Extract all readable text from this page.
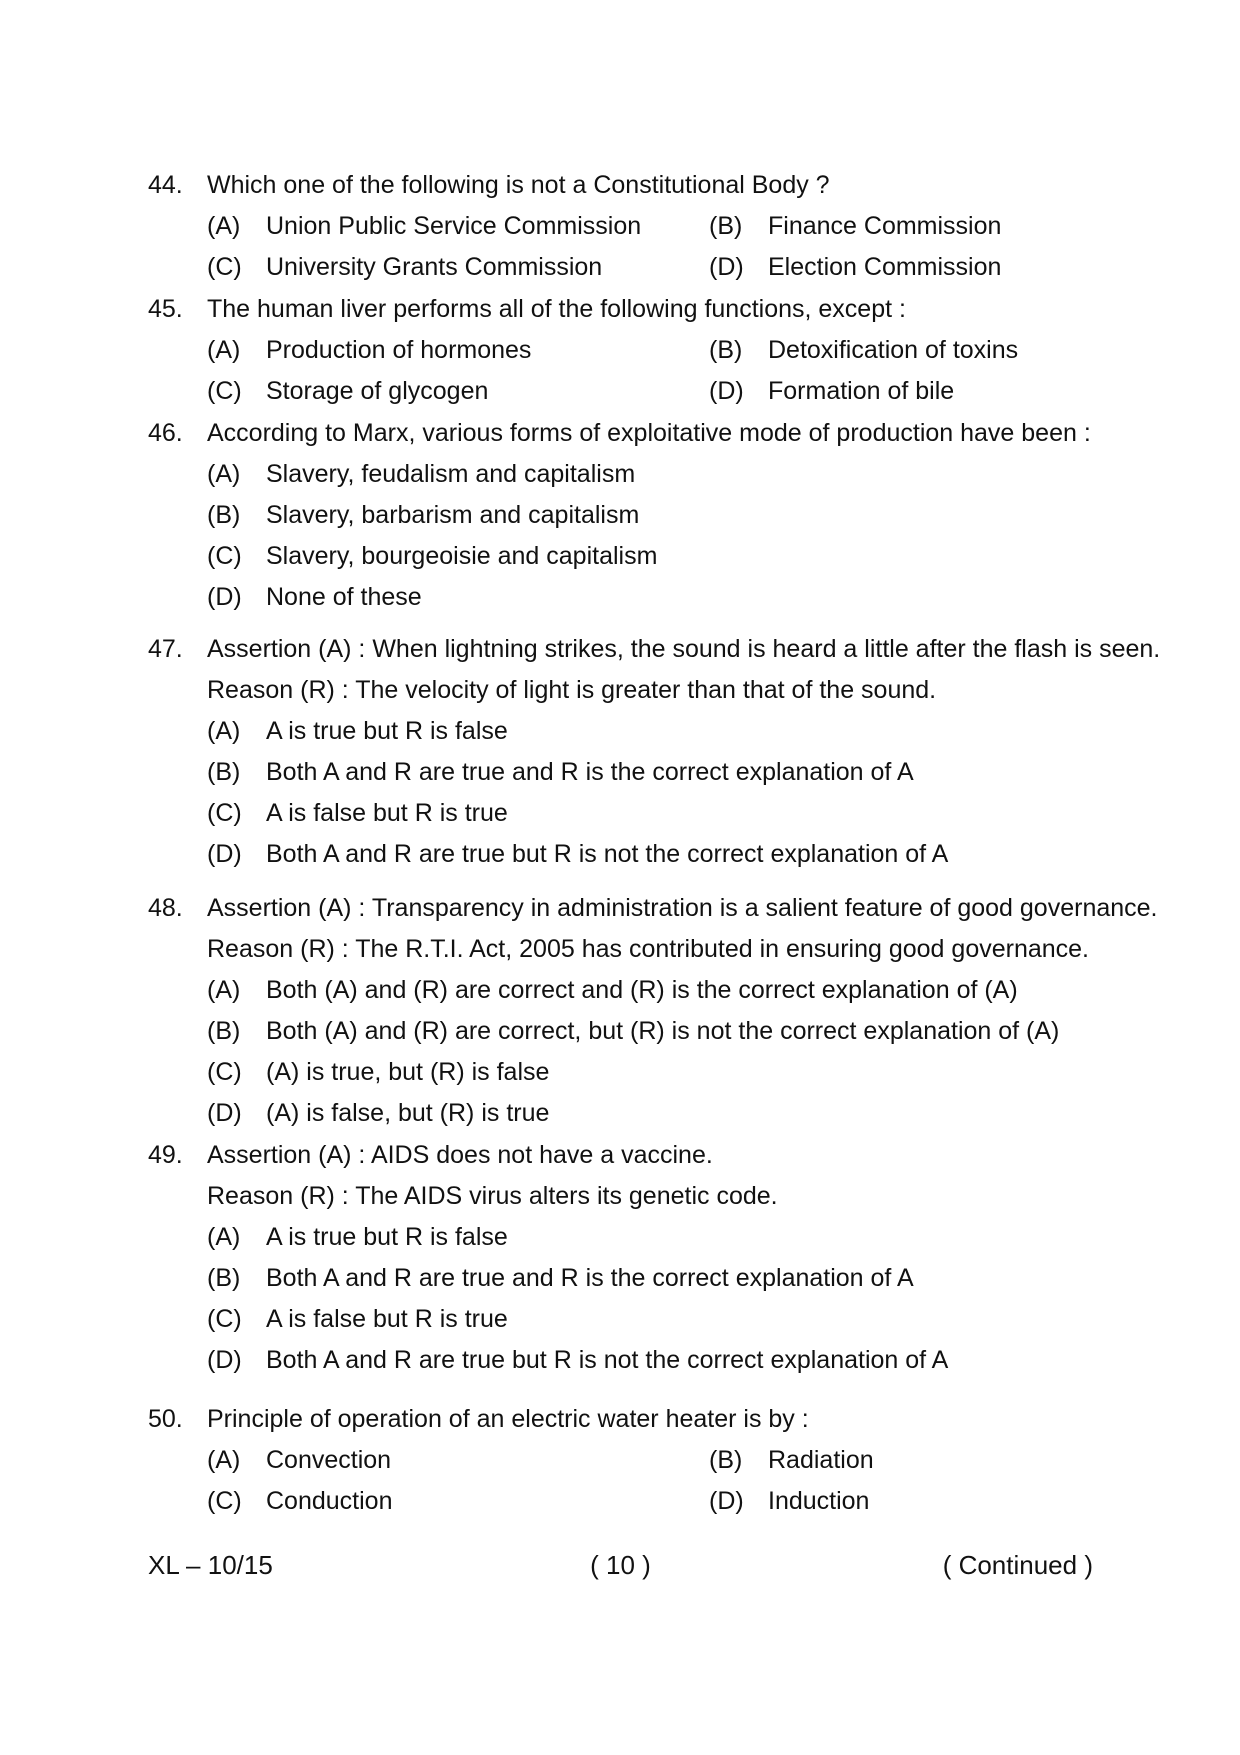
44. Which one of the following is not a Constitutional Body ?
(A) Union Public Service Commission	(B) Finance Commission
(C) University Grants Commission	(D) Election Commission
45. The human liver performs all of the following functions, except :
(A) Production of hormones	(B) Detoxification of toxins
(C) Storage of glycogen	(D) Formation of bile
46. According to Marx, various forms of exploitative mode of production have been :
(A) Slavery, feudalism and capitalism
(B) Slavery, barbarism and capitalism
(C) Slavery, bourgeoisie and capitalism
(D) None of these
47. Assertion (A) : When lightning strikes, the sound is heard a little after the flash is seen.
Reason (R) : The velocity of light is greater than that of the sound.
(A) A is true but R is false
(B) Both A and R are true and R is the correct explanation of A
(C) A is false but R is true
(D) Both A and R are true but R is not the correct explanation of A
48. Assertion (A) : Transparency in administration is a salient feature of good governance.
Reason (R) : The R.T.I. Act, 2005 has contributed in ensuring good governance.
(A) Both (A) and (R) are correct and (R) is the correct explanation of (A)
(B) Both (A) and (R) are correct, but (R) is not the correct explanation of (A)
(C) (A) is true, but (R) is false
(D) (A) is false, but (R) is true
49. Assertion (A) : AIDS does not have a vaccine.
Reason (R) : The AIDS virus alters its genetic code.
(A) A is true but R is false
(B) Both A and R are true and R is the correct explanation of A
(C) A is false but R is true
(D) Both A and R are true but R is not the correct explanation of A
50. Principle of operation of an electric water heater is by :
(A) Convection	(B) Radiation
(C) Conduction	(D) Induction
XL – 10/15	( 10 )	( Continued )
